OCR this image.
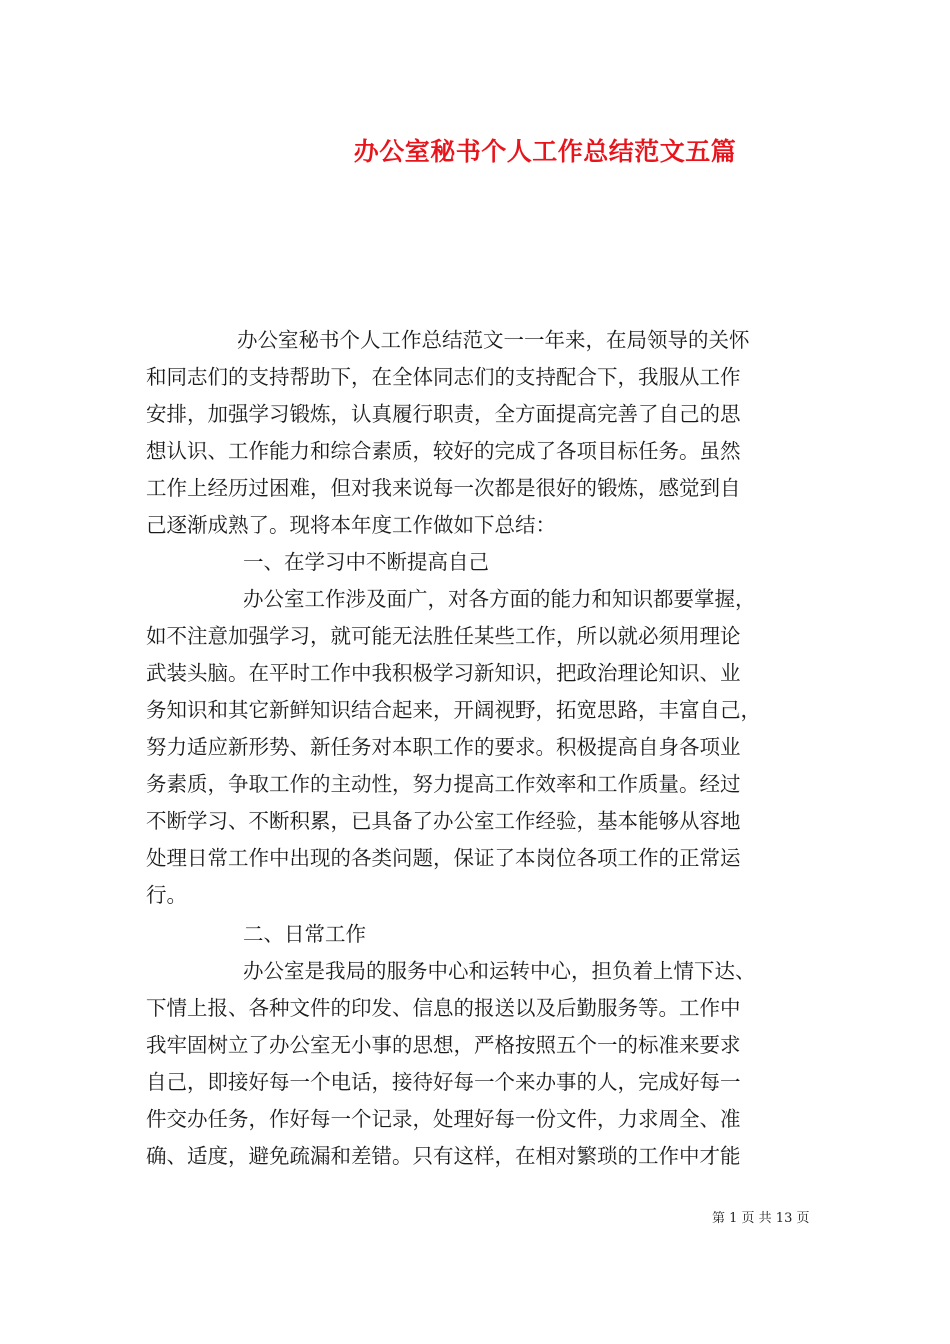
办公室秘书个人工作总结范文五篇
办公室秘书个人工作总结范文一一年来，在局领导的关怀
和同志们的支持帮助下，在全体同志们的支持配合下，我服从工作
安排，加强学习锻炼，认真履行职责，全方面提高完善了自己的思
想认识、工作能力和综合素质，较好的完成了各项目标任务。虽然
工作上经历过困难，但对我来说每一次都是很好的锻炼，感觉到自
己逐渐成熟了。现将本年度工作做如下总结：
一、在学习中不断提高自己
办公室工作涉及面广，对各方面的能力和知识都要掌握，
如不注意加强学习，就可能无法胜任某些工作，所以就必须用理论
武装头脑。在平时工作中我积极学习新知识，把政治理论知识、业
务知识和其它新鲜知识结合起来，开阔视野，拓宽思路，丰富自己，
努力适应新形势、新任务对本职工作的要求。积极提高自身各项业
务素质，争取工作的主动性，努力提高工作效率和工作质量。经过
不断学习、不断积累，已具备了办公室工作经验，基本能够从容地
处理日常工作中出现的各类问题，保证了本岗位各项工作的正常运
行。
二、日常工作
办公室是我局的服务中心和运转中心，担负着上情下达、
下情上报、各种文件的印发、信息的报送以及后勤服务等。工作中
我牢固树立了办公室无小事的思想，严格按照五个一的标准来要求
自己，即接好每一个电话，接待好每一个来办事的人，完成好每一
件交办任务，作好每一个记录，处理好每一份文件，力求周全、准
确、适度，避免疏漏和差错。只有这样，在相对繁琐的工作中才能
第 1 页 共 13 页
